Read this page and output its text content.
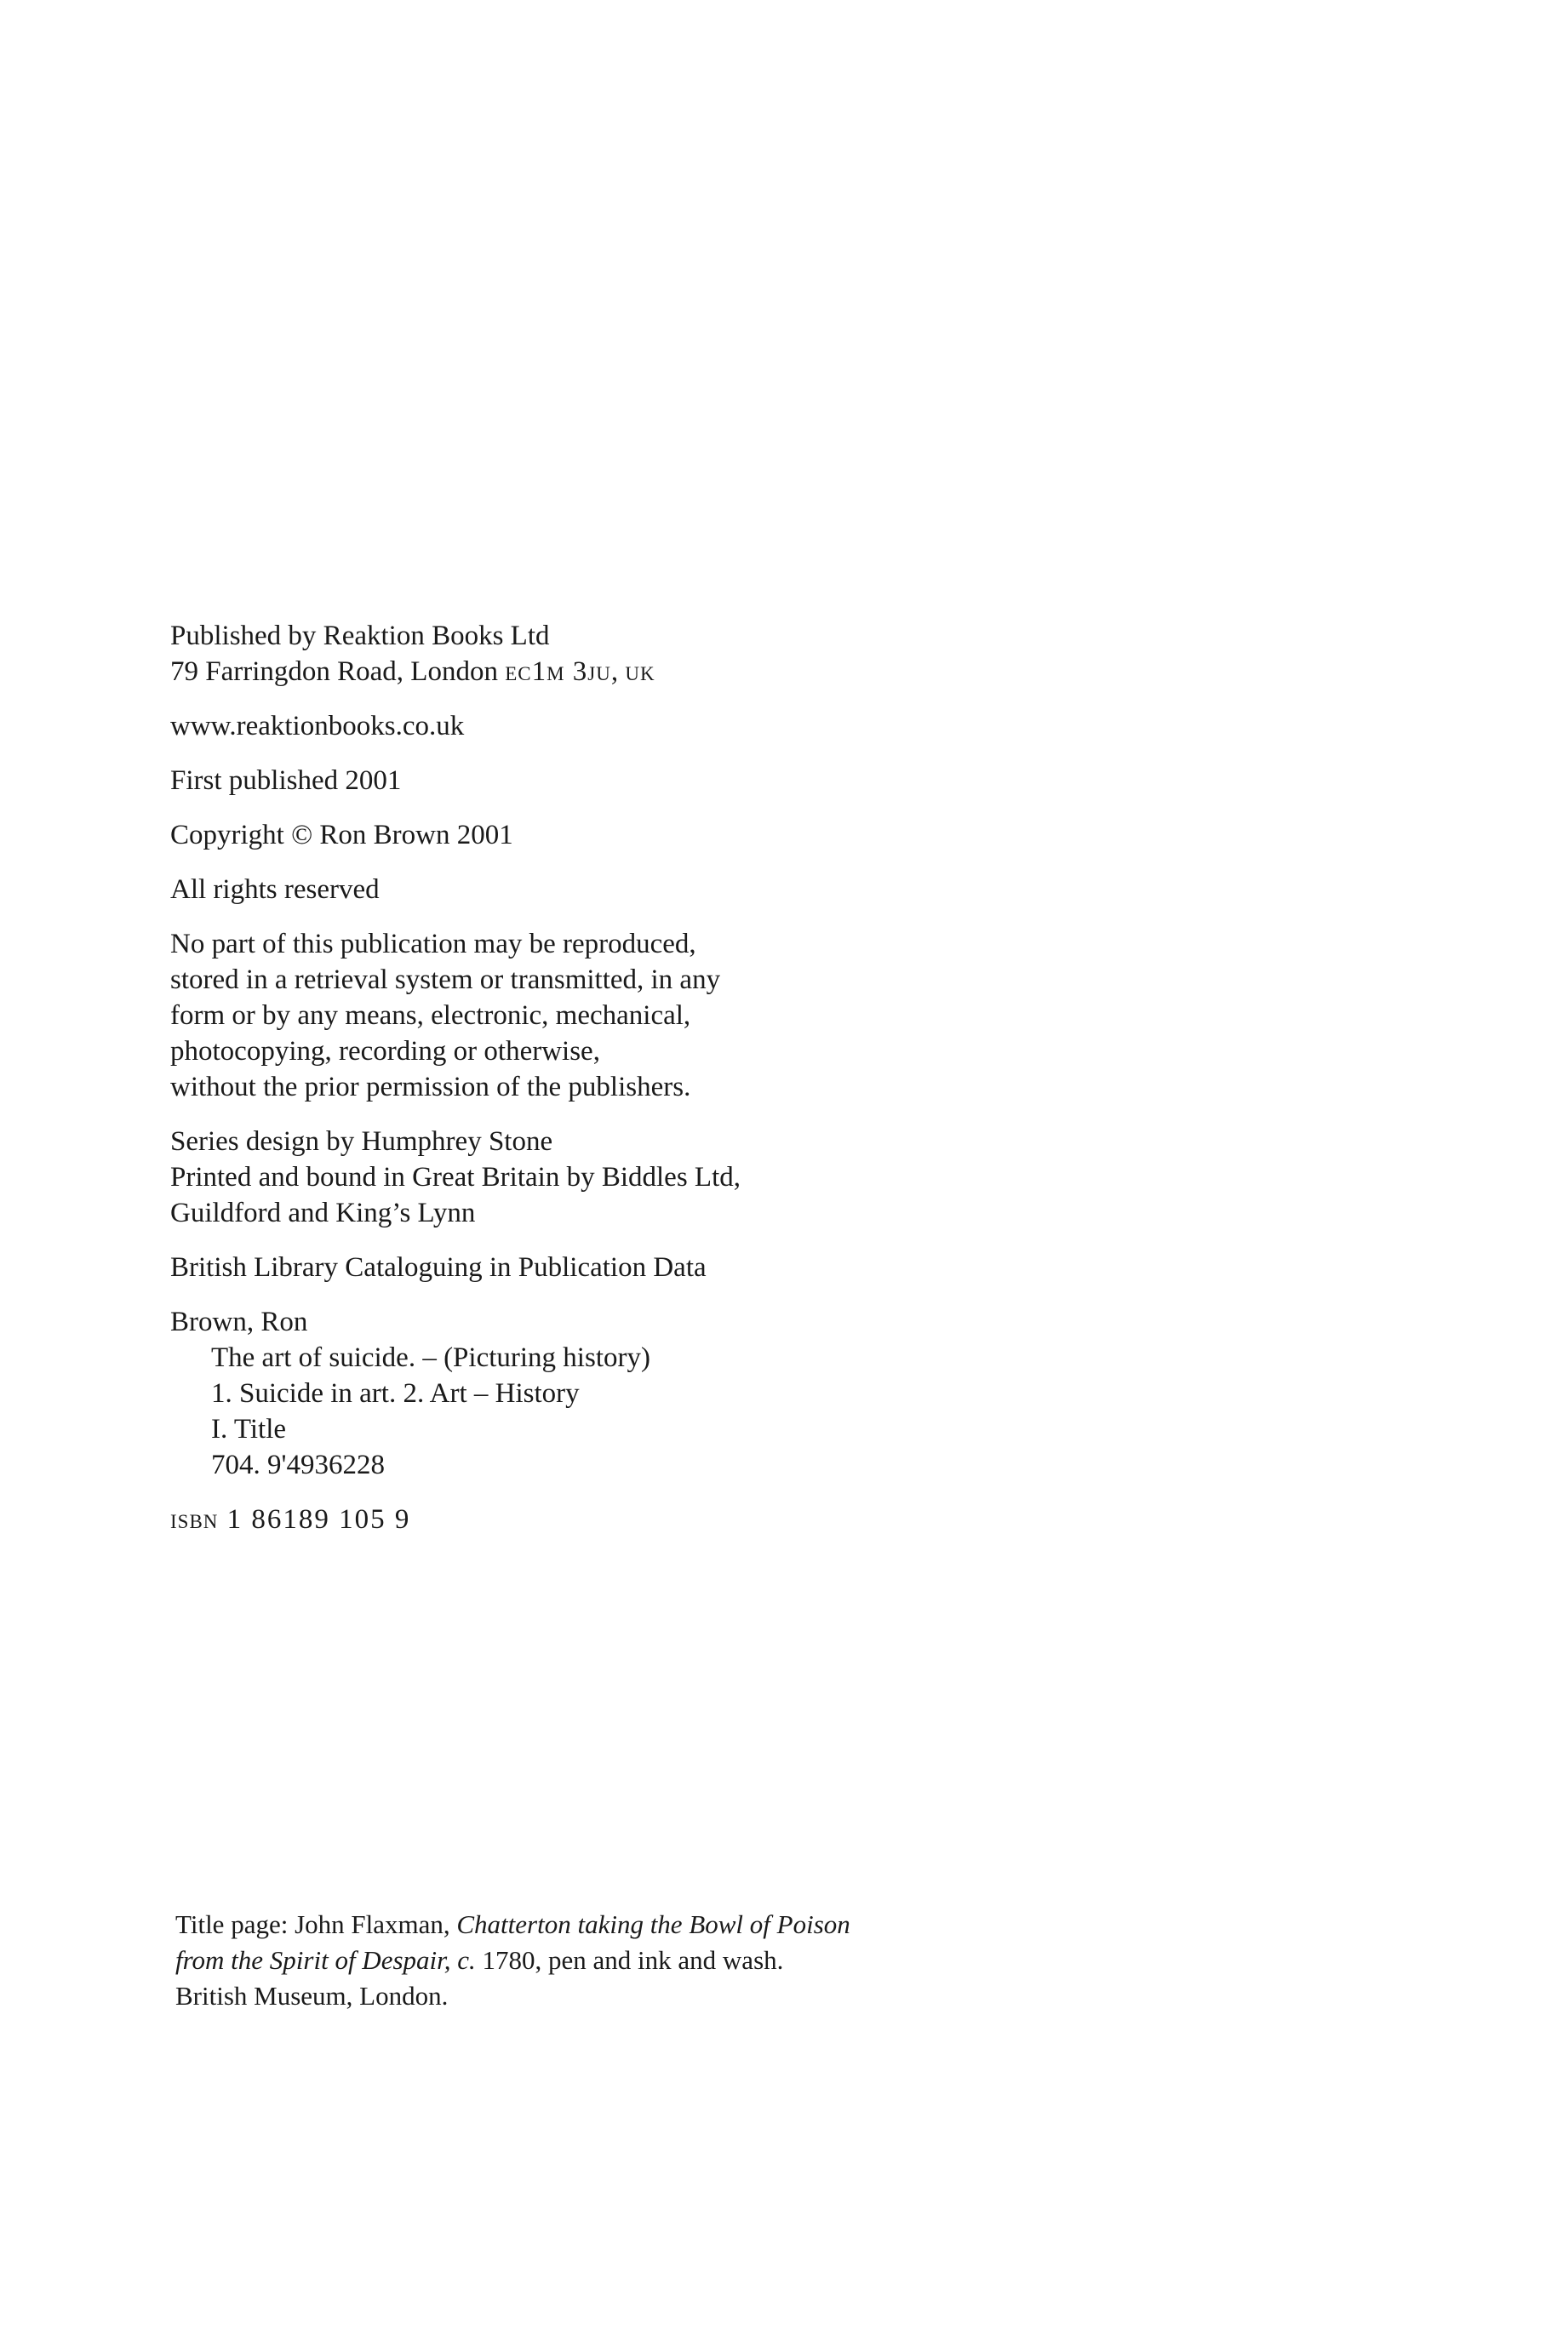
Published by Reaktion Books Ltd
79 Farringdon Road, London ec1m 3ju, uk

www.reaktionbooks.co.uk

First published 2001

Copyright © Ron Brown 2001

All rights reserved

No part of this publication may be reproduced,
stored in a retrieval system or transmitted, in any
form or by any means, electronic, mechanical,
photocopying, recording or otherwise,
without the prior permission of the publishers.

Series design by Humphrey Stone
Printed and bound in Great Britain by Biddles Ltd,
Guildford and King’s Lynn

British Library Cataloguing in Publication Data

Brown, Ron
The art of suicide. – (Picturing history)
1. Suicide in art. 2. Art – History
I. Title
704. 9'4936228

isbn 1 86189 105 9

Title page: John Flaxman, Chatterton taking the Bowl of Poison
from the Spirit of Despair, c. 1780, pen and ink and wash.
British Museum, London.
